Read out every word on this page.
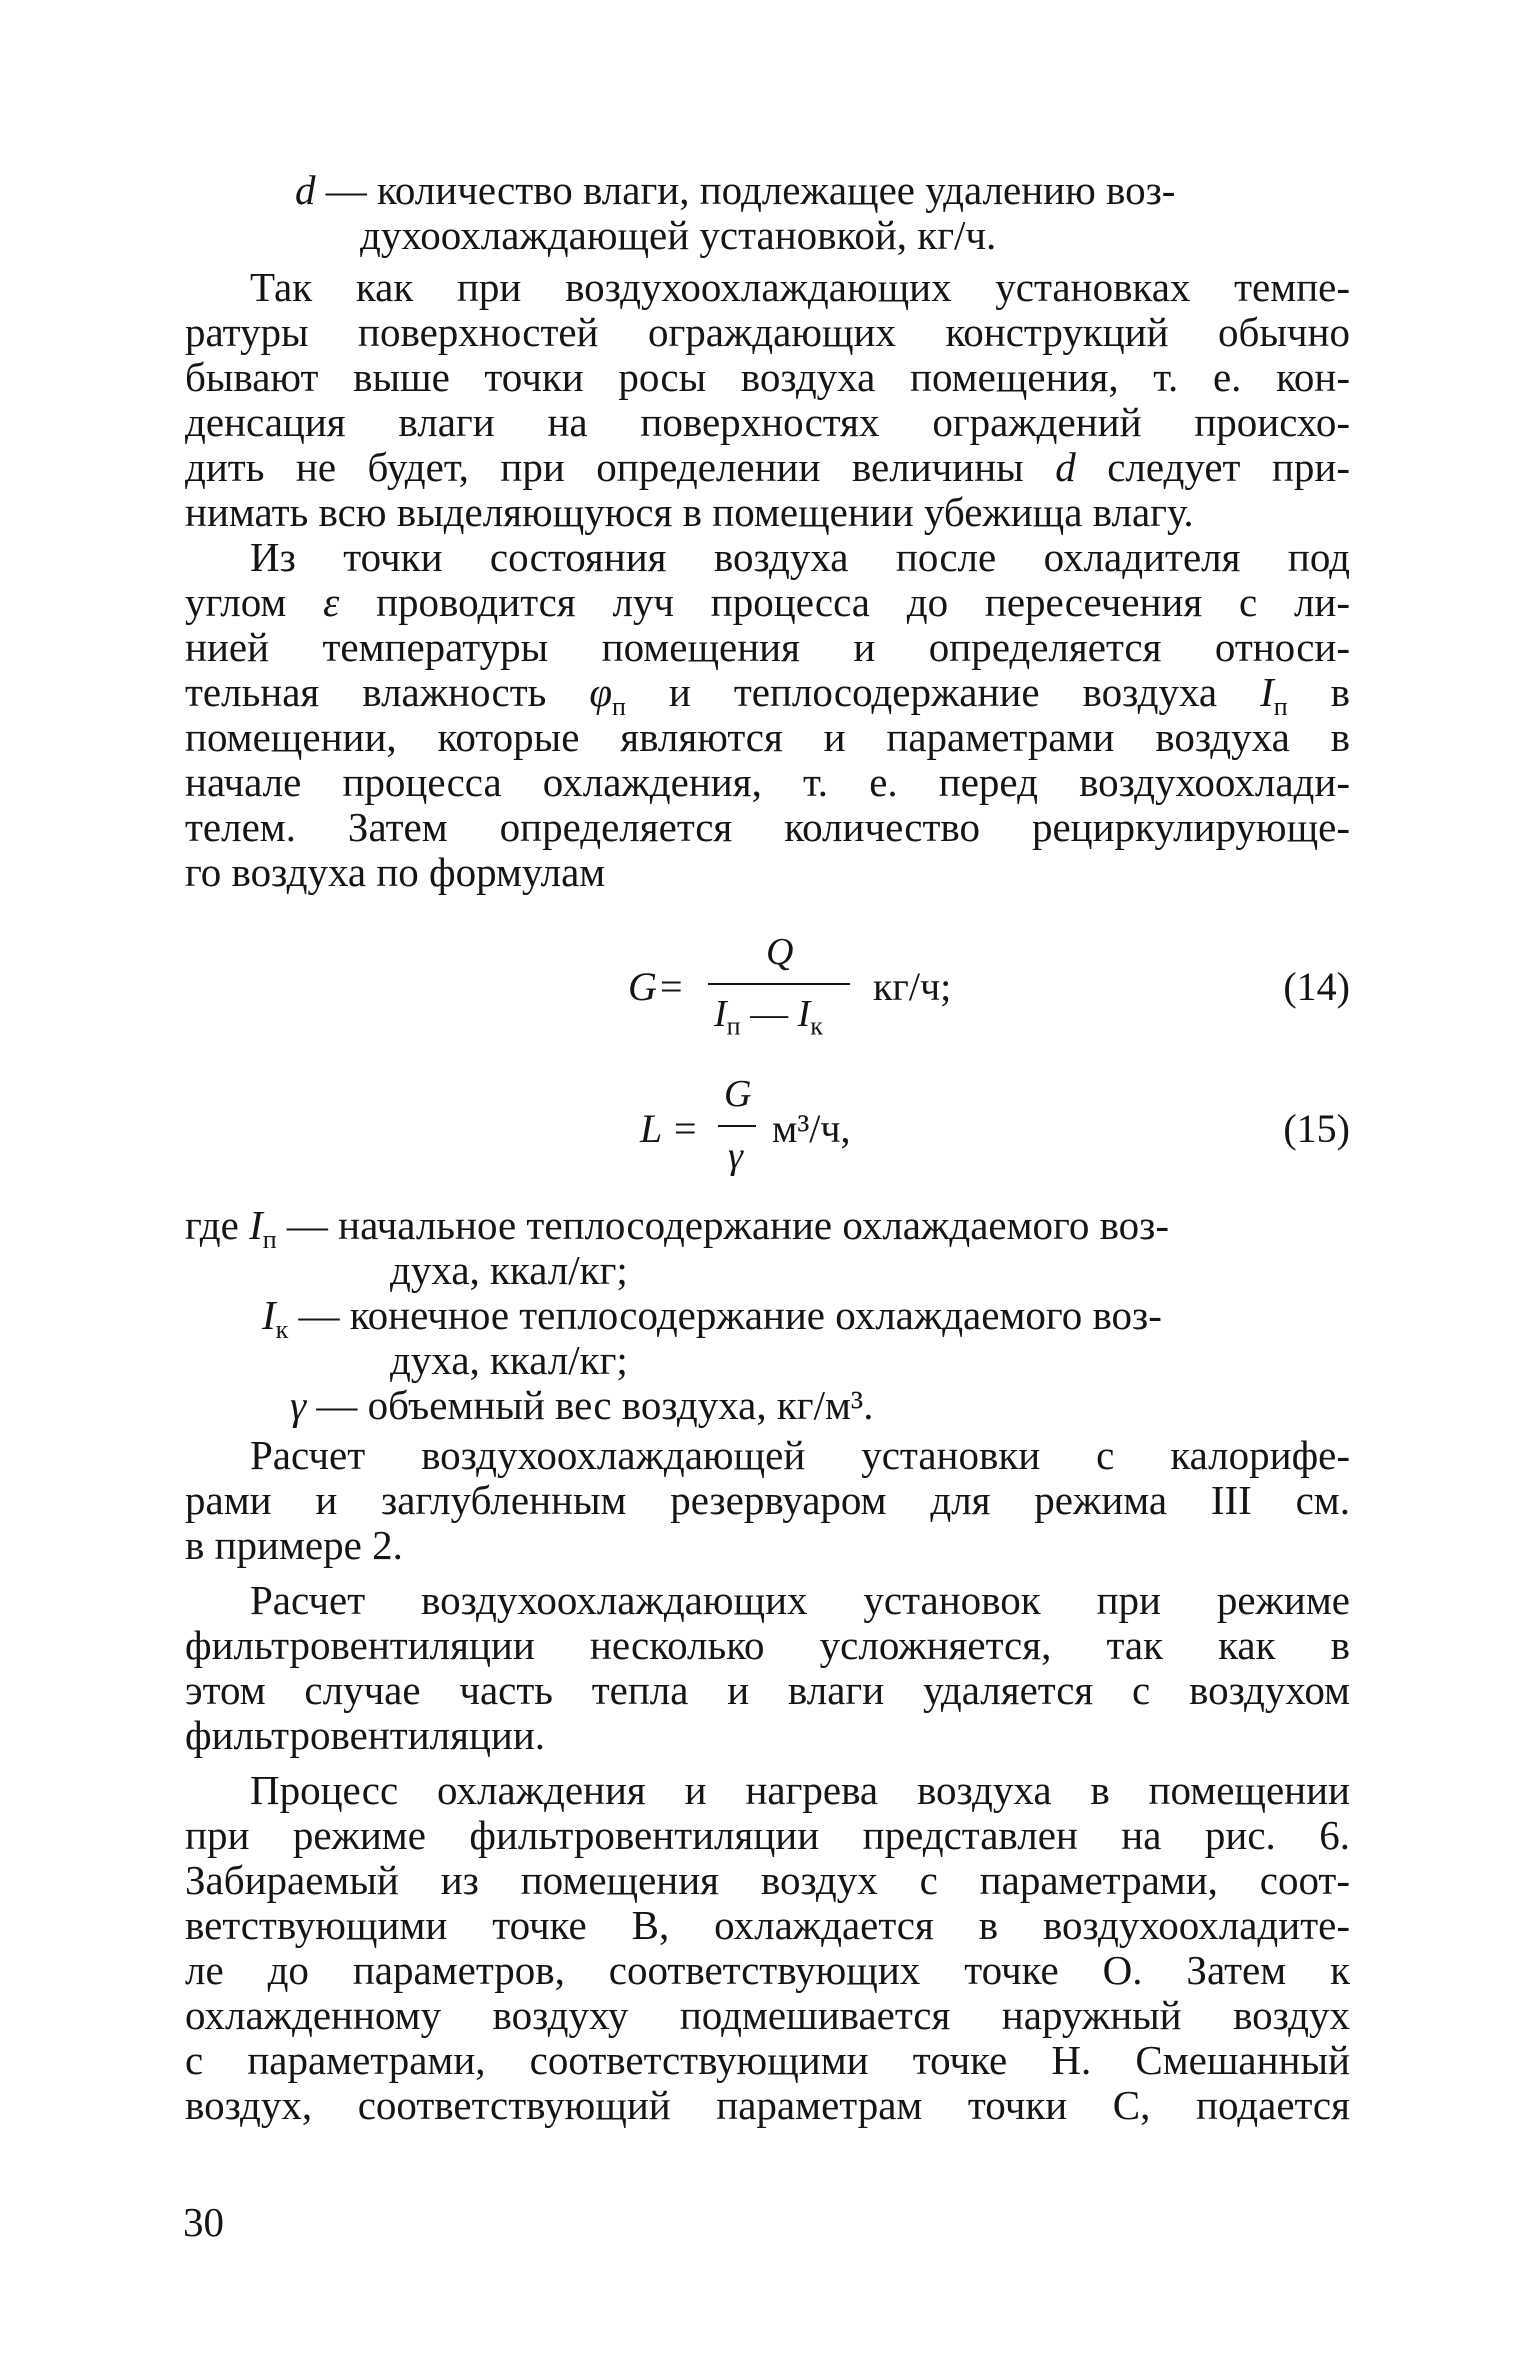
d — количество влаги, подлежащее удалению воз-
духоохлаждающей установкой, кг/ч.
Так как при воздухоохлаждающих установках темпе-
ратуры поверхностей ограждающих конструкций обычно
бывают выше точки росы воздуха помещения, т. е. кон-
денсация влаги на поверхностях ограждений происхо-
дить не будет, при определении величины d следует при-
нимать всю выделяющуюся в помещении убежища влагу.
Из точки состояния воздуха после охладителя под
углом ε проводится луч процесса до пересечения с ли-
нией температуры помещения и определяется относи-
тельная влажность $\varphi_п$ и теплосодержание воздуха $I_п$ в
помещении, которые являются и параметрами воздуха в
начале процесса охлаждения, т. е. перед воздухоохлади-
телем. Затем определяется количество рециркулирующе-
го воздуха по формулам
G =
Q
$I_п$ — $I_к$
кг/ч;	(14)
L =
G
γ
м³/ч,	(15)
где $I_п$ — начальное теплосодержание охлаждаемого воз-
духа, ккал/кг;
$I_к$ — конечное теплосодержание охлаждаемого воз-
духа, ккал/кг;
γ — объемный вес воздуха, кг/м³.
Расчет воздухоохлаждающей установки с калорифе-
рами и заглубленным резервуаром для режима III см.
в примере 2.
Расчет воздухоохлаждающих установок при режиме
фильтровентиляции несколько усложняется, так как в
этом случае часть тепла и влаги удаляется с воздухом
фильтровентиляции.
Процесс охлаждения и нагрева воздуха в помещении
при режиме фильтровентиляции представлен на рис. 6.
Забираемый из помещения воздух с параметрами, соот-
ветствующими точке В, охлаждается в воздухоохладите-
ле до параметров, соответствующих точке О. Затем к
охлажденному воздуху подмешивается наружный воздух
с параметрами, соответствующими точке Н. Смешанный
воздух, соответствующий параметрам точки С, подается
30
